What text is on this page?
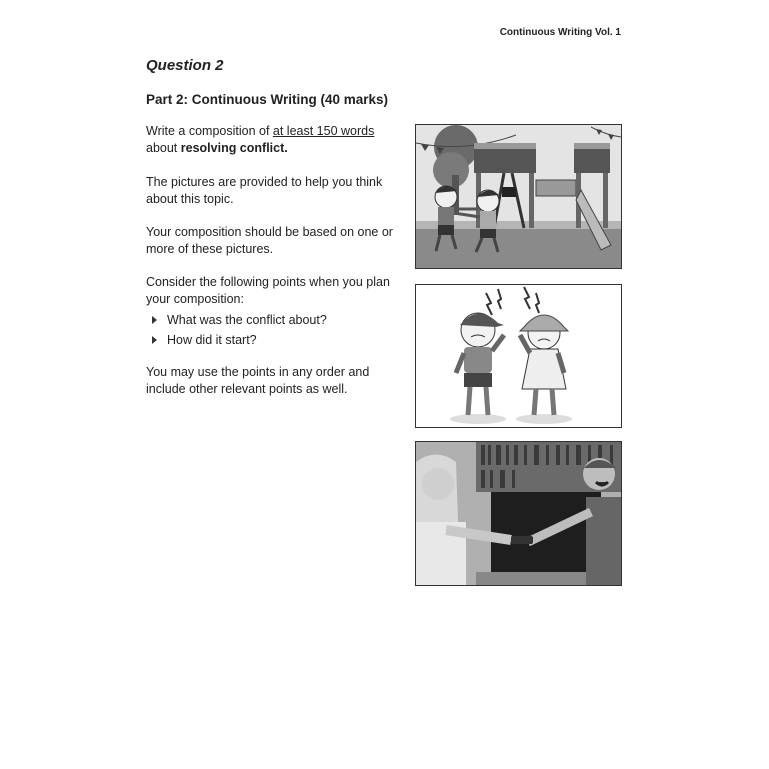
Continuous Writing Vol. 1
Question 2
Part 2: Continuous Writing (40 marks)
Write a composition of at least 150 words
about resolving conflict.
The pictures are provided to help you think about this topic.
Your composition should be based on one or more of these pictures.
Consider the following points when you plan your composition:
What was the conflict about?
How did it start?
You may use the points in any order and include other relevant points as well.
